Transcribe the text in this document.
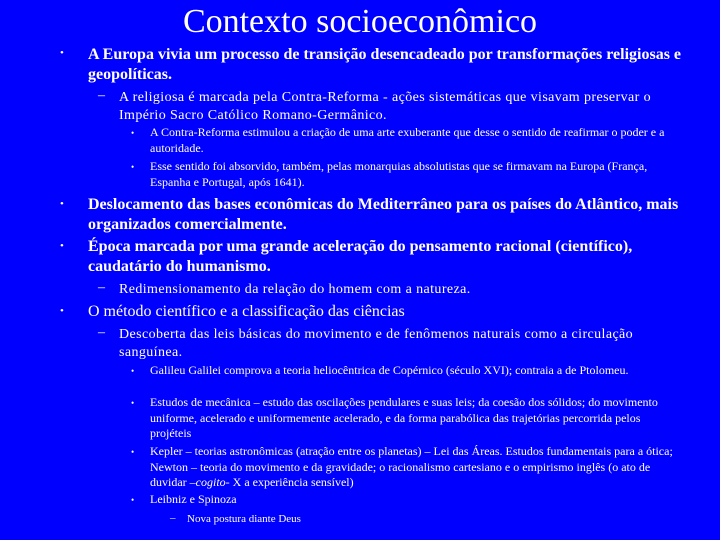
Contexto socioeconômico
• A Europa vivia um processo de transição desencadeado por transformações religiosas e geopolíticas.
– A religiosa é marcada pela Contra-Reforma - ações sistemáticas que visavam preservar o Império Sacro Católico Romano-Germânico.
• A Contra-Reforma estimulou a criação de uma arte exuberante que desse o sentido de reafirmar o poder e a autoridade.
• Esse sentido foi absorvido, também, pelas monarquias absolutistas que se firmavam na Europa (França, Espanha e Portugal, após 1641).
• Deslocamento das bases econômicas do Mediterrâneo para os países do Atlântico, mais organizados comercialmente.
• Época marcada por uma grande aceleração do pensamento racional (científico), caudatário do humanismo.
– Redimensionamento da relação do homem com a natureza.
• O método científico e a classificação das ciências
– Descoberta das leis básicas do movimento e de fenômenos naturais como a circulação sanguínea.
• Galileu Galilei comprova a teoria heliocêntrica de Copérnico (século XVI); contraia a de Ptolomeu.
• Estudos de mecânica – estudo das oscilações pendulares e suas leis; da coesão dos sólidos; do movimento uniforme, acelerado e uniformemente acelerado, e da forma parabólica das trajetórias percorrida pelos projéteis
• Kepler – teorias astronômicas (atração entre os planetas) – Lei das Áreas. Estudos fundamentais para a ótica; Newton – teoria do movimento e da gravidade; o racionalismo cartesiano e o empirismo inglês (o ato de duvidar –cogito- X a experiência sensível)
• Leibniz e Spinoza
– Nova postura diante Deus
